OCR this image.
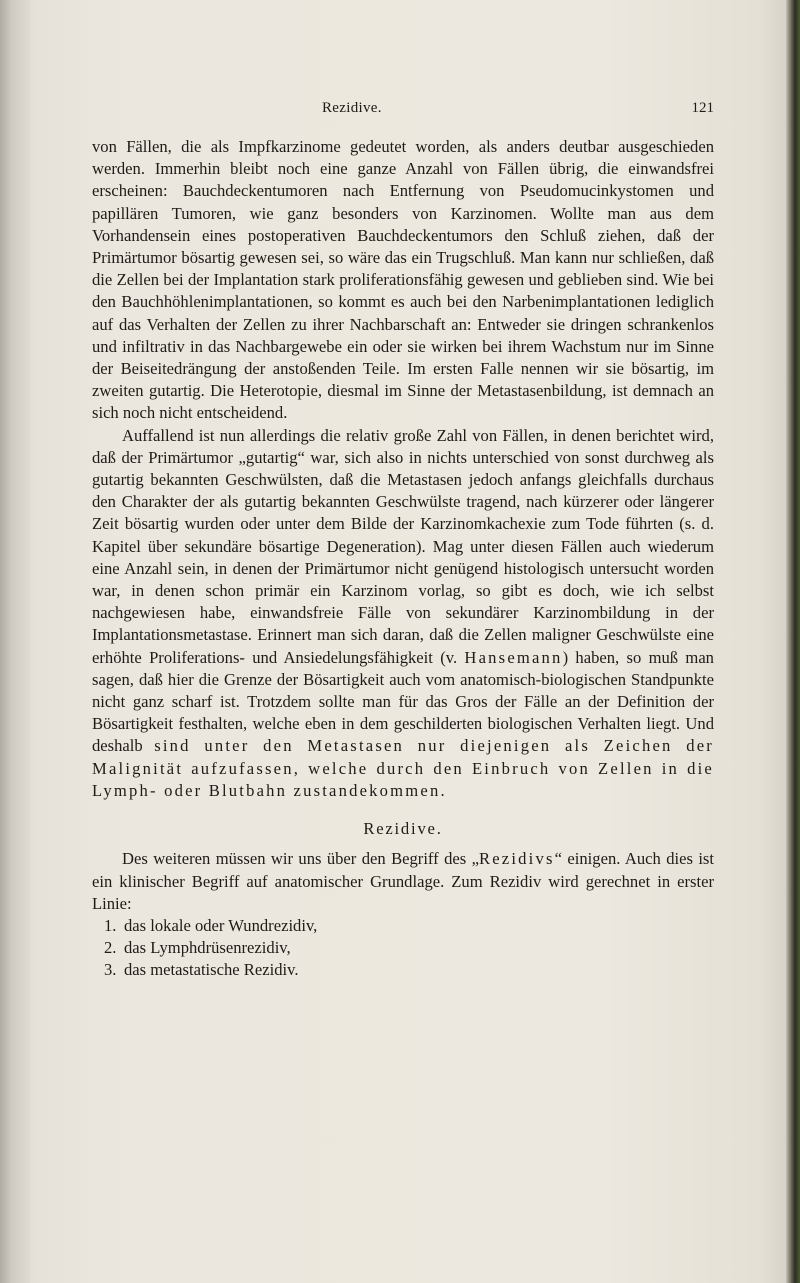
Rezidive.	121

von Fällen, die als Impfkarzinome gedeutet worden, als anders deutbar ausgeschieden werden. Immerhin bleibt noch eine ganze Anzahl von Fällen übrig, die einwandsfrei erscheinen: Bauchdeckentumoren nach Entfernung von Pseudomucinkystomen und papillären Tumoren, wie ganz besonders von Karzinomen. Wollte man aus dem Vorhandensein eines postoperativen Bauchdeckentumors den Schluß ziehen, daß der Primärtumor bösartig gewesen sei, so wäre das ein Trugschluß. Man kann nur schließen, daß die Zellen bei der Implantation stark proliferationsfähig gewesen und geblieben sind. Wie bei den Bauchhöhlenimplantationen, so kommt es auch bei den Narbenimplantationen lediglich auf das Verhalten der Zellen zu ihrer Nachbarschaft an: Entweder sie dringen schrankenlos und infiltrativ in das Nachbargewebe ein oder sie wirken bei ihrem Wachstum nur im Sinne der Beiseitedrängung der anstoßenden Teile. Im ersten Falle nennen wir sie bösartig, im zweiten gutartig. Die Heterotopie, diesmal im Sinne der Metastasenbildung, ist demnach an sich noch nicht entscheidend.

Auffallend ist nun allerdings die relativ große Zahl von Fällen, in denen berichtet wird, daß der Primärtumor „gutartig“ war, sich also in nichts unterschied von sonst durchweg als gutartig bekannten Geschwülsten, daß die Metastasen jedoch anfangs gleichfalls durchaus den Charakter der als gutartig bekannten Geschwülste tragend, nach kürzerer oder längerer Zeit bösartig wurden oder unter dem Bilde der Karzinomkachexie zum Tode führten (s. d. Kapitel über sekundäre bösartige Degeneration). Mag unter diesen Fällen auch wiederum eine Anzahl sein, in denen der Primärtumor nicht genügend histologisch untersucht worden war, in denen schon primär ein Karzinom vorlag, so gibt es doch, wie ich selbst nachgewiesen habe, einwandsfreie Fälle von sekundärer Karzinombildung in der Implantationsmetastase. Erinnert man sich daran, daß die Zellen maligner Geschwülste eine erhöhte Proliferations- und Ansiedelungsfähigkeit (v. Hansemann) haben, so muß man sagen, daß hier die Grenze der Bösartigkeit auch vom anatomisch-biologischen Standpunkte nicht ganz scharf ist. Trotzdem sollte man für das Gros der Fälle an der Definition der Bösartigkeit festhalten, welche eben in dem geschilderten biologischen Verhalten liegt. Und deshalb sind unter den Metastasen nur diejenigen als Zeichen der Malignität aufzufassen, welche durch den Einbruch von Zellen in die Lymph- oder Blutbahn zustandekommen.

Rezidive.

Des weiteren müssen wir uns über den Begriff des „Rezidivs“ einigen. Auch dies ist ein klinischer Begriff auf anatomischer Grundlage. Zum Rezidiv wird gerechnet in erster Linie:

1. das lokale oder Wundrezidiv,
2. das Lymphdrüsenrezidiv,
3. das metastatische Rezidiv.
